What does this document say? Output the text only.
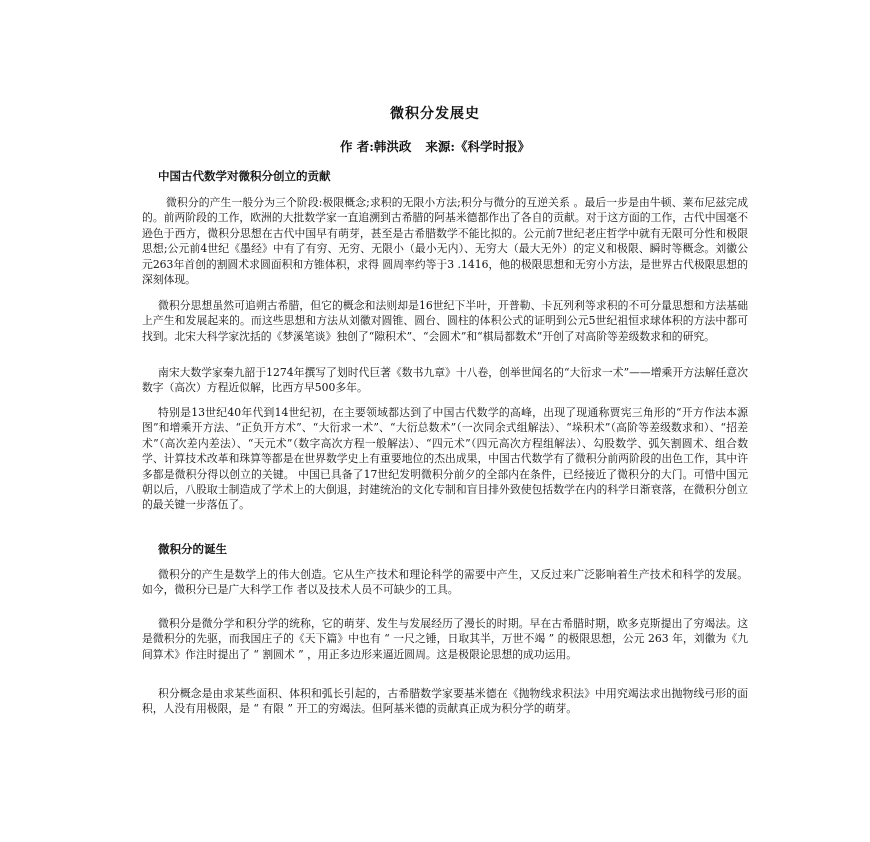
微积分发展史
作 者:韩洪政 来源:《科学时报》
中国古代数学对微积分创立的贡献

微积分的产生一般分为三个阶段:极限概念;求积的无限小方法;积分与微分的互逆关系 。最后一步是由牛顿、莱布尼兹完成的。前两阶段的工作，欧洲的大批数学家一直追溯到古希腊的阿基米德都作出了各自的贡献。对于这方面的工作，古代中国毫不逊色于西方，微积分思想在古代中国早有萌芽，甚至是古希腊数学不能比拟的。公元前7世纪老庄哲学中就有无限可分性和极限思想;公元前4世纪《墨经》中有了有穷、无穷、无限小（最小无内）、无穷大（最大无外）的定义和极限、瞬时等概念。刘徽公元263年首创的割圆术求圆面积和方锥体积，求得 圆周率约等于3 .1416，他的极限思想和无穷小方法，是世界古代极限思想的深刻体现。

微积分思想虽然可追朔古希腊，但它的概念和法则却是16世纪下半叶，开普勒、卡瓦列利等求积的不可分量思想和方法基础上产生和发展起来的。而这些思想和方法从刘徽对圆锥、圆台、圆柱的体积公式的证明到公元5世纪祖恒求球体积的方法中都可找到。北宋大科学家沈括的《梦溪笔谈》独创了“隙积术”、“会圆术”和“棋局都数术”开创了对高阶等差级数求和的研究。

南宋大数学家秦九韶于1274年撰写了划时代巨著《数书九章》十八卷，创举世闻名的“大衍求一术”——增乘开方法解任意次数字（高次）方程近似解，比西方早500多年。

特别是13世纪40年代到14世纪初，在主要领域都达到了中国古代数学的高峰，出现了现通称贾宪三角形的“开方作法本源图”和增乘开方法、“正负开方术”、“大衍求一术”、“大衍总数术”（一次同余式组解法）、“垛积术”（高阶等差级数求和）、“招差术”（高次差内差法）、“天元术”（数字高次方程一般解法）、“四元术”（四元高次方程组解法）、勾股数学、弧矢割圆术、组合数学、计算技术改革和珠算等都是在世界数学史上有重要地位的杰出成果，中国古代数学有了微积分前两阶段的出色工作，其中许多都是微积分得以创立的关键。 中国已具备了17世纪发明微积分前夕的全部内在条件，已经接近了微积分的大门。可惜中国元朝以后，八股取士制造成了学术上的大倒退，封建统治的文化专制和盲目排外致使包括数学在内的科学日渐衰落，在微积分创立的最关键一步落伍了。

微积分的诞生

微积分的产生是数学上的伟大创造。它从生产技术和理论科学的需要中产生，又反过来广泛影响着生产技术和科学的发展。如今，微积分已是广大科学工作 者以及技术人员不可缺少的工具。

微积分是微分学和积分学的统称，它的萌芽、发生与发展经历了漫长的时期。早在古希腊时期，欧多克斯提出了穷竭法。这是微积分的先驱，而我国庄子的《天下篇》中也有 “ 一尺之锤，日取其半，万世不竭 ” 的极限思想，公元 263 年，刘徽为《九间算术》作注时提出了 “ 割圆术 ” ，用正多边形来逼近圆周。这是极限论思想的成功运用。

积分概念是由求某些面积、体积和弧长引起的，古希腊数学家要基米德在《抛物线求积法》中用究竭法求出抛物线弓形的面积，人没有用极限，是 “ 有限 ” 开工的穷竭法。但阿基米德的贡献真正成为积分学的萌芽。
